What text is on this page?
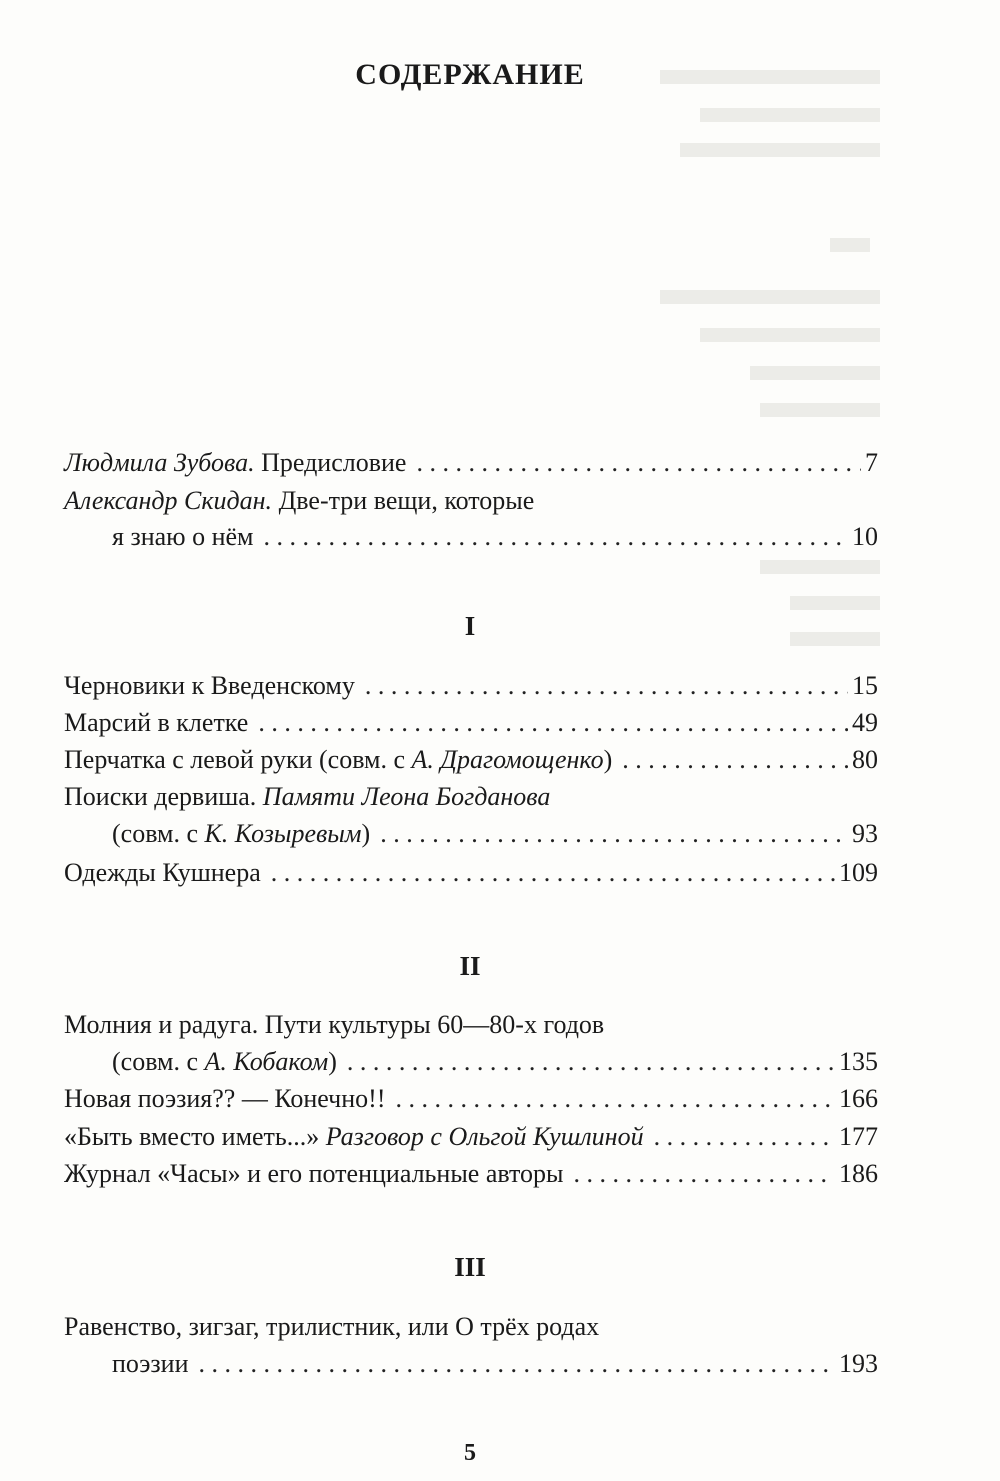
СОДЕРЖАНИЕ
Людмила Зубова. Предисловие . . .	7
Александр Скидан. Две-три вещи, которые
я знаю о нём . . .	10
I
Черновики к Введенскому . . .	15
Марсий в клетке . . .	49
Перчатка с левой руки (совм. с А. Драгомощенко) . . .	80
Поиски дервиша. Памяти Леона Богданова
(совм. с К. Козыревым) . . .	93
Одежды Кушнера . . .	109
II
Молния и радуга. Пути культуры 60—80-х годов
(совм. с А. Кобаком) . . .	135
Новая поэзия?? — Конечно!! . . .	166
«Быть вместо иметь...» Разговор с Ольгой Кушлиной . . .	177
Журнал «Часы» и его потенциальные авторы . . .	186
III
Равенство, зигзаг, трилистник, или О трёх родах
поэзии . . .	193
5
